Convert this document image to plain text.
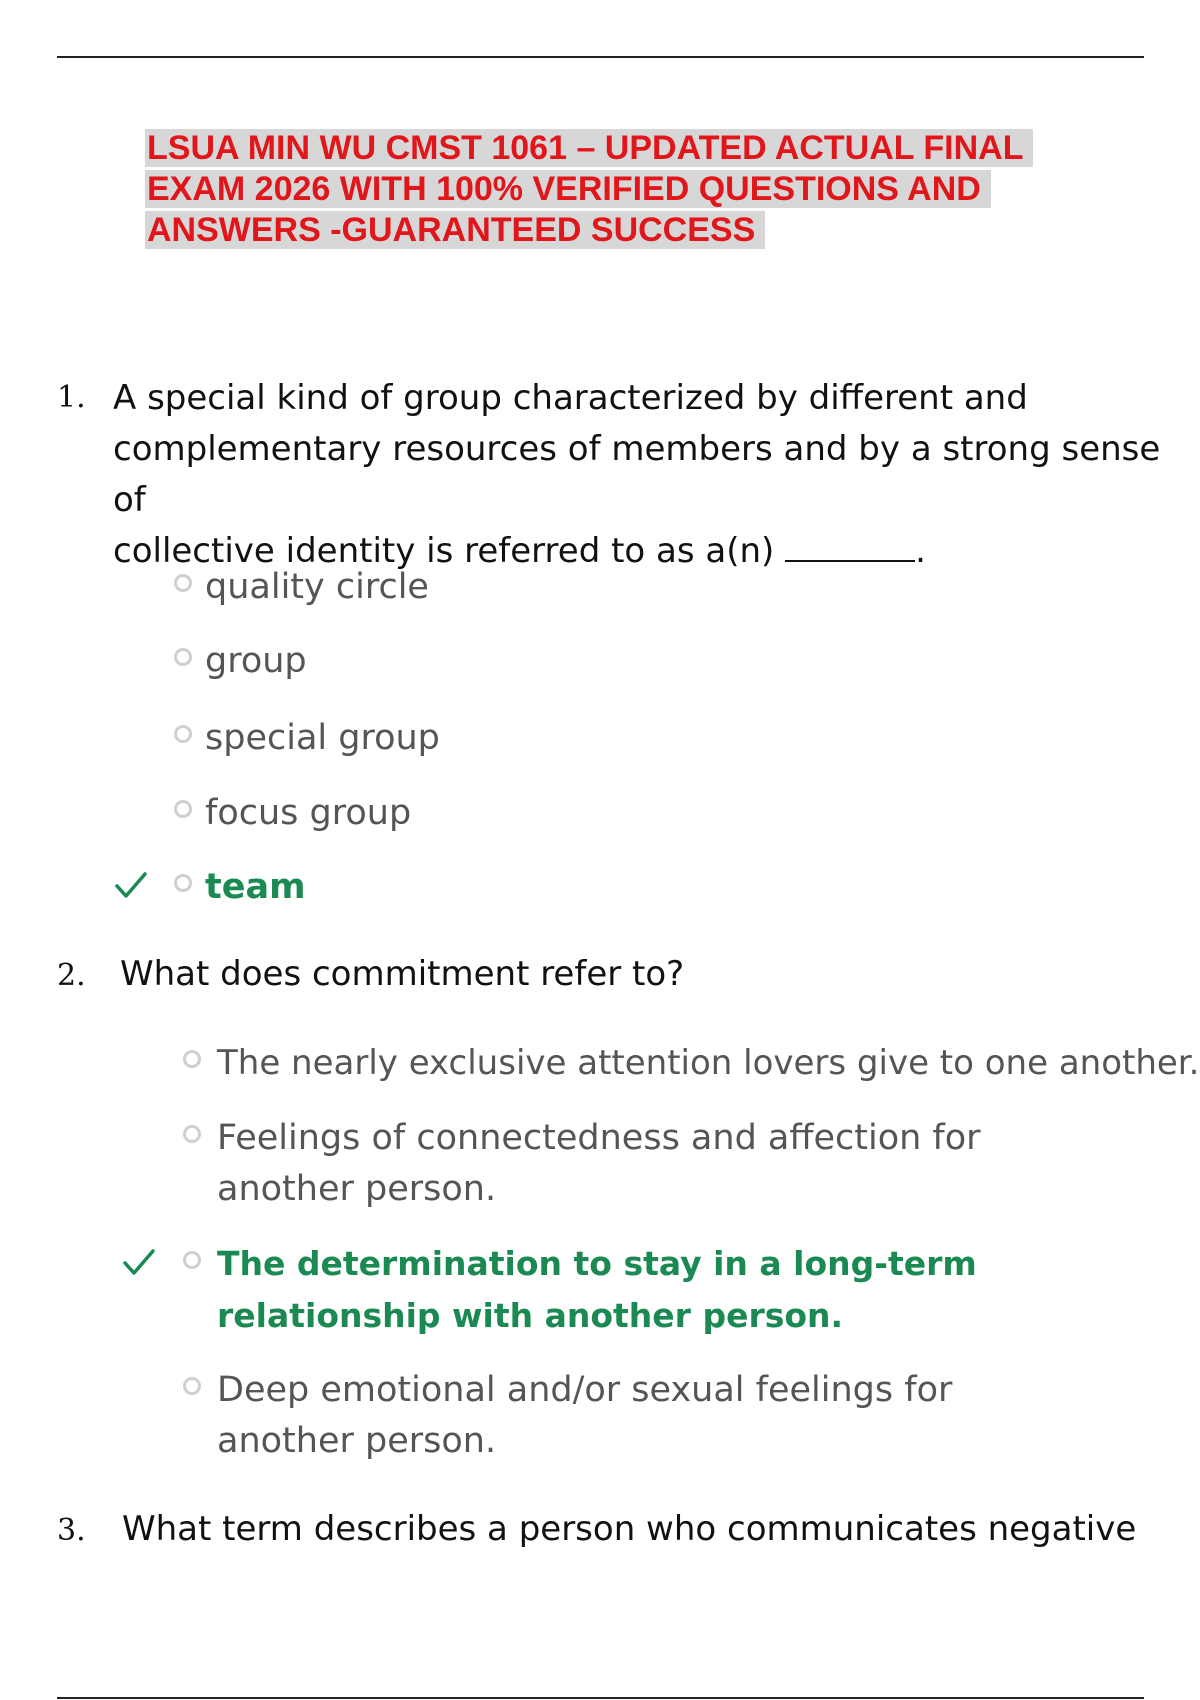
LSUA MIN WU CMST 1061 – UPDATED ACTUAL FINAL
EXAM 2026 WITH 100% VERIFIED QUESTIONS AND
ANSWERS -GUARANTEED SUCCESS
1. A special kind of group characterized by different and
complementary resources of members and by a strong sense of
collective identity is referred to as a(n)	.
quality circle
group
special group
focus group
team
2. What does commitment refer to?
The nearly exclusive attention lovers give to one another.
Feelings of connectedness and affection for another person.
The determination to stay in a long-term relationship with another person.
Deep emotional and/or sexual feelings for another person.
3. What term describes a person who communicates negative
